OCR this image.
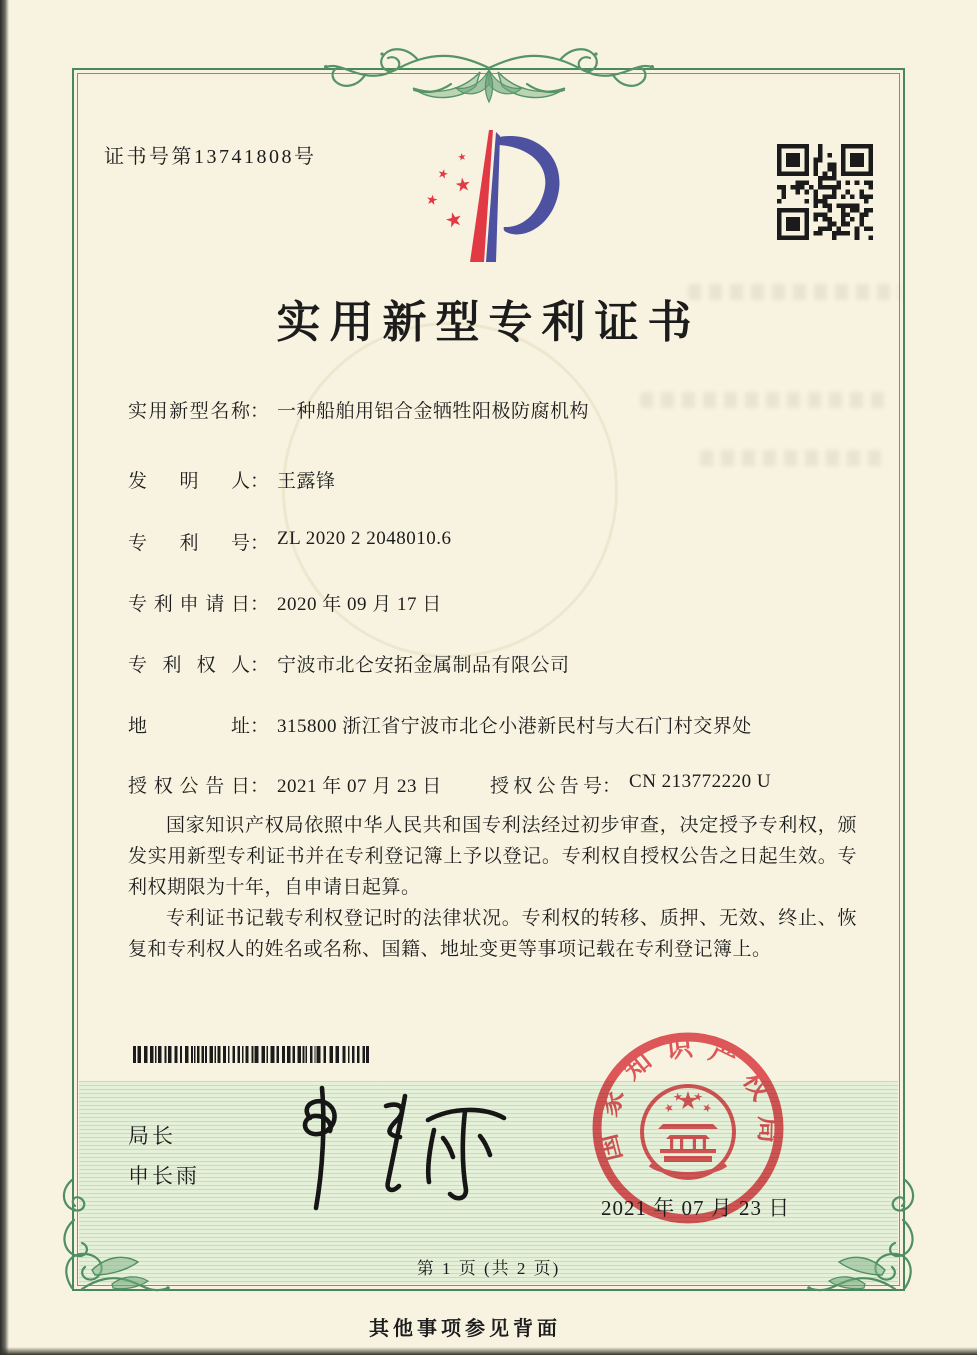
证书号第13741808号
实用新型专利证书
实用新型名称： 一种船舶用铝合金牺牲阳极防腐机构
发明人： 王露锋
专利号： ZL 2020 2 2048010.6
专利申请日： 2020 年 09 月 17 日
专利权人： 宁波市北仑安拓金属制品有限公司
地址： 315800 浙江省宁波市北仑小港新民村与大石门村交界处
授权公告日： 2021 年 07 月 23 日	授权公告号： CN 213772220 U

国家知识产权局依照中华人民共和国专利法经过初步审查，决定授予专利权，颁发实用新型专利证书并在专利登记簿上予以登记。专利权自授权公告之日起生效。专利权期限为十年，自申请日起算。

专利证书记载专利权登记时的法律状况。专利权的转移、质押、无效、终止、恢复和专利权人的姓名或名称、国籍、地址变更等事项记载在专利登记簿上。

局长
申长雨
国家知识产权局
2021 年 07 月 23 日
第 1 页 (共 2 页)
其他事项参见背面
